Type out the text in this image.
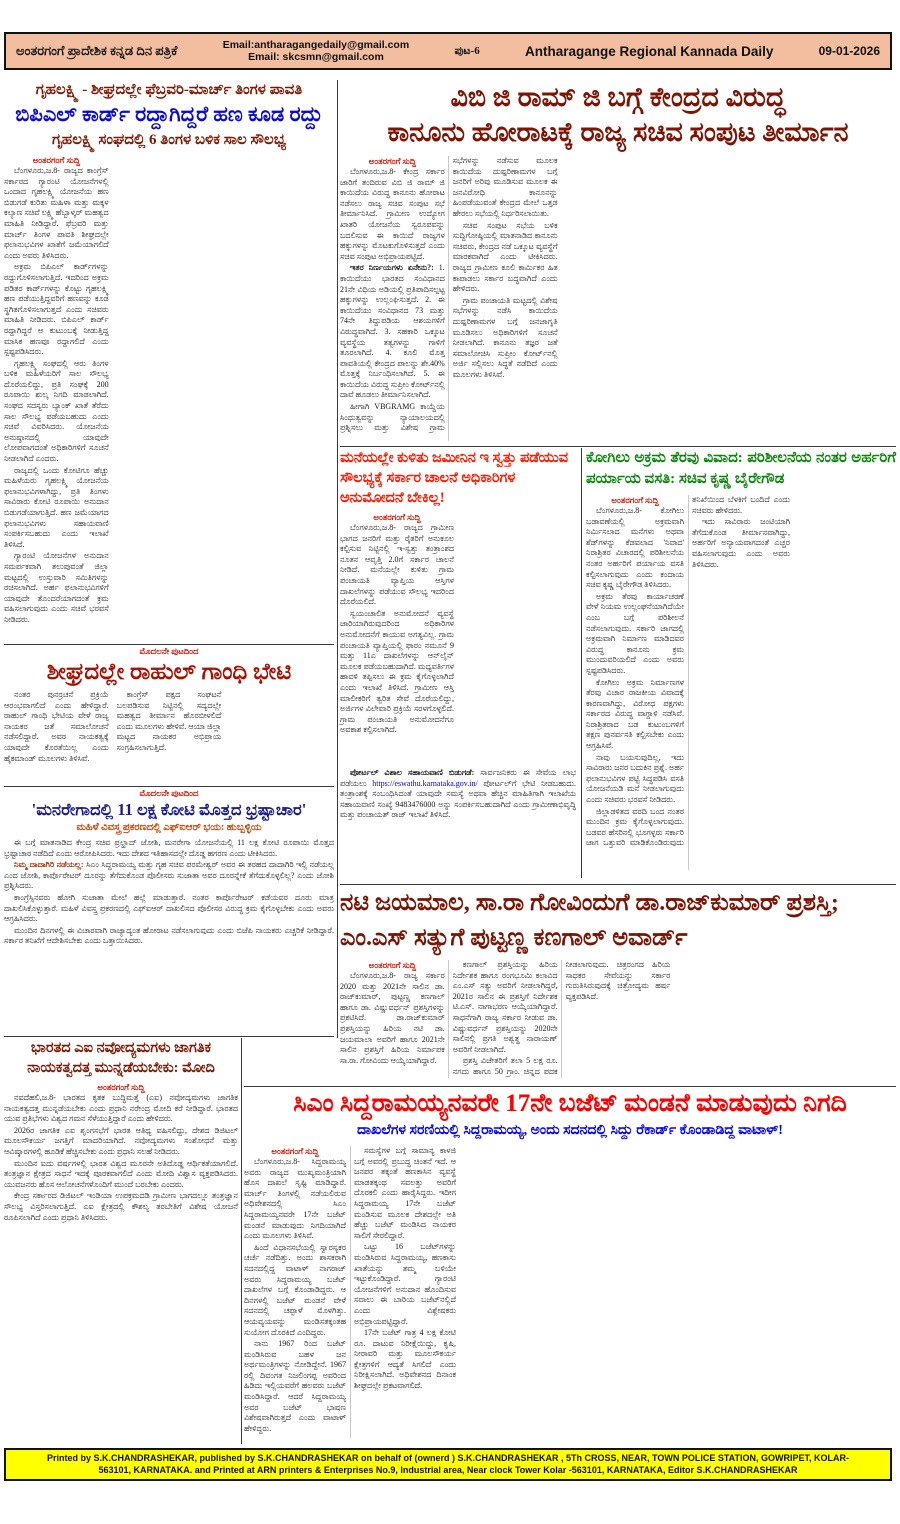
ಅಂತರಗಂಗೆ ಪ್ರಾದೇಶಿಕ ಕನ್ನಡ ದಿನ ಪತ್ರಿಕೆ	Email:antharagangedaily@gmail.com
Email: skcsmn@gmail.com
ಪುಟ-6	Antharagange Regional Kannada Daily	09-01-2026
ಗೃಹಲಕ್ಷ್ಮಿ - ಶೀಘ್ರದಲ್ಲೇ ಫೆಬ್ರವರಿ-ಮಾರ್ಚ್ ತಿಂಗಳ ಪಾವತಿ
ಬಿಪಿಎಲ್ ಕಾರ್ಡ್ ರದ್ದಾಗಿದ್ದರೆ ಹಣ ಕೂಡ ರದ್ದು
ಗೃಹಲಕ್ಷ್ಮಿ ಸಂಘದಲ್ಲಿ 6 ತಿಂಗಳ ಬಳಿಕ ಸಾಲ ಸೌಲಭ್ಯ
ಅಂತರಗಂಗೆ ಸುದ್ದಿ

ಬೆಂಗಳೂರು,ಜ.8- ರಾಜ್ಯದ ಕಾಂಗ್ರೆಸ್ ಸರ್ಕಾರದ ಗ್ಯಾರಂಟಿ ಯೋಜನೆಗಳಲ್ಲಿ ಒಂದಾದ ಗೃಹಲಕ್ಷ್ಮಿ ಯೋಜನೆಯ ಹಣ ಬಿಡುಗಡೆ ಕುರಿತು ಮಹಿಳಾ ಮತ್ತು ಮಕ್ಕಳ ಕಲ್ಯಾಣ ಸಚಿವೆ ಲಕ್ಷ್ಮಿ ಹೆಬ್ಬಾಳ್ಕರ್ ಮಹತ್ವದ ಮಾಹಿತಿ ನೀಡಿದ್ದಾರೆ. ಫೆಬ್ರವರಿ ಮತ್ತು ಮಾರ್ಚ್ ತಿಂಗಳ ಪಾವತಿ ಶೀಘ್ರದಲ್ಲೇ ಫಲಾನುಭವಿಗಳ ಖಾತೆಗೆ ಜಮೆಯಾಗಲಿದೆ ಎಂದು ಅವರು ತಿಳಿಸಿದರು.

ಅಕ್ರಮ ಬಿಪಿಎಲ್ ಕಾರ್ಡ್‌ಗಳನ್ನು ರದ್ದುಗೊಳಿಸಲಾಗುತ್ತಿದೆ. ಇದರಿಂದ ಅಕ್ರಮ ಪಡಿತರ ಕಾರ್ಡ್‌ಗಳನ್ನು ಕೊಟ್ಟು ಗೃಹಲಕ್ಷ್ಮಿ ಹಣ ಪಡೆಯುತ್ತಿದ್ದವರಿಗೆ ಹಣವನ್ನು ಕೂಡ ಸ್ಥಗಿತಗೊಳಿಸಲಾಗುತ್ತದೆ ಎಂದು ಸಚಿವರು ಮಾಹಿತಿ ನೀಡಿದರು. ಬಿಪಿಎಲ್ ಕಾರ್ಡ್ ರದ್ದಾಗಿದ್ದರೆ ಆ ಕುಟುಂಬಕ್ಕೆ ನೀಡುತ್ತಿದ್ದ ಮಾಸಿಕ ಹಣವೂ ರದ್ದಾಗಲಿದೆ ಎಂದು ಸ್ಪಷ್ಟಪಡಿಸಿದರು.

ಗೃಹಲಕ್ಷ್ಮಿ ಸಂಘದಲ್ಲಿ ಆರು ತಿಂಗಳ ಬಳಿಕ ಮಹಿಳೆಯರಿಗೆ ಸಾಲ ಸೌಲಭ್ಯ ದೊರೆಯಲಿದ್ದು, ಪ್ರತಿ ಸಂಘಕ್ಕೆ 200 ರೂಪಾಯಿ ಶುಲ್ಕ ನಿಗದಿ ಮಾಡಲಾಗಿದೆ. ಸಂಘದ ಸದಸ್ಯರು ಬ್ಯಾಂಕ್ ಖಾತೆ ತೆರೆದು ಸಾಲ ಸೌಲಭ್ಯ ಪಡೆಯಬಹುದು ಎಂದು ಸಚಿವೆ ವಿವರಿಸಿದರು. ಯೋಜನೆಯ ಅನುಷ್ಠಾನದಲ್ಲಿ ಯಾವುದೇ ಲೋಪವಾಗದಂತೆ ಅಧಿಕಾರಿಗಳಿಗೆ ಸೂಚನೆ ನೀಡಲಾಗಿದೆ ಎಂದರು.

ರಾಜ್ಯದಲ್ಲಿ ಒಂದು ಕೋಟಿಗೂ ಹೆಚ್ಚು ಮಹಿಳೆಯರು ಗೃಹಲಕ್ಷ್ಮಿ ಯೋಜನೆಯ ಫಲಾನುಭವಿಗಳಾಗಿದ್ದು, ಪ್ರತಿ ತಿಂಗಳು ಸಾವಿರಾರು ಕೋಟಿ ರೂಪಾಯಿ ಅನುದಾನ ಬಿಡುಗಡೆಯಾಗುತ್ತಿದೆ. ಹಣ ಜಮೆಯಾಗದ ಫಲಾನುಭವಿಗಳು ಸಹಾಯವಾಣಿ ಸಂಪರ್ಕಿಸಬಹುದು ಎಂದು ಇಲಾಖೆ ತಿಳಿಸಿದೆ.

ಗ್ಯಾರಂಟಿ ಯೋಜನೆಗಳ ಅನುದಾನ ಸಮರ್ಪಕವಾಗಿ ತಲುಪುವಂತೆ ಜಿಲ್ಲಾ ಮಟ್ಟದಲ್ಲಿ ಉಸ್ತುವಾರಿ ಸಮಿತಿಗಳನ್ನು ರಚಿಸಲಾಗಿದೆ. ಅರ್ಹ ಫಲಾನುಭವಿಗಳಿಗೆ ಯಾವುದೇ ತೊಂದರೆಯಾಗದಂತೆ ಕ್ರಮ ವಹಿಸಲಾಗುವುದು ಎಂದು ಸಚಿವೆ ಭರವಸೆ ನೀಡಿದರು.

ವಿಬಿ ಜಿ ರಾಮ್ ಜಿ ಬಗ್ಗೆ ಕೇಂದ್ರದ ವಿರುದ್ಧ
ಕಾನೂನು ಹೋರಾಟಕ್ಕೆ ರಾಜ್ಯ ಸಚಿವ ಸಂಪುಟ ತೀರ್ಮಾನ
ಅಂತರಗಂಗೆ ಸುದ್ದಿ

ಬೆಂಗಳೂರು,ಜ.8- ಕೇಂದ್ರ ಸರ್ಕಾರ ಜಾರಿಗೆ ತಂದಿರುವ ವಿಬಿ ಜಿ ರಾಮ್ ಜಿ ಕಾಯಿದೆಯ ವಿರುದ್ಧ ಕಾನೂನು ಹೋರಾಟ ನಡೆಸಲು ರಾಜ್ಯ ಸಚಿವ ಸಂಪುಟ ಸಭೆ ತೀರ್ಮಾನಿಸಿದೆ. ಗ್ರಾಮೀಣ ಉದ್ಯೋಗ ಖಾತರಿ ಯೋಜನೆಯ ಸ್ವರೂಪವನ್ನು ಬದಲಿಸುವ ಈ ಕಾಯಿದೆ ರಾಜ್ಯಗಳ ಹಕ್ಕುಗಳನ್ನು ಮೊಟಕುಗೊಳಿಸುತ್ತದೆ ಎಂದು ಸಚಿವ ಸಂಪುಟ ಅಭಿಪ್ರಾಯಪಟ್ಟಿದೆ.

ಇತರ ನಿರ್ಣಯಗಳು ಏನೇನು?: 1. ಕಾಯಿದೆಯು ಭಾರತದ ಸಂವಿಧಾನದ 21ನೇ ವಿಧಿಯ ಅಡಿಯಲ್ಲಿ ಪ್ರತಿಪಾದಿಸಲ್ಪಟ್ಟ ಹಕ್ಕುಗಳನ್ನು ಉಲ್ಲಂಘಿಸುತ್ತದೆ. 2. ಈ ಕಾಯಿದೆಯು ಸಂವಿಧಾನದ 73 ಮತ್ತು 74ನೇ ತಿದ್ದುಪಡಿಯ ಆಶಯಗಳಿಗೆ ವಿರುದ್ಧವಾಗಿದೆ. 3. ಸಹಕಾರಿ ಒಕ್ಕೂಟ ವ್ಯವಸ್ಥೆಯ ತತ್ವಗಳನ್ನು ಗಾಳಿಗೆ ತೂರಲಾಗಿದೆ. 4. ಕೂಲಿ ಮೊತ್ತ ಪಾವತಿಯಲ್ಲಿ ಕೇಂದ್ರದ ಪಾಲನ್ನು ಶೇ.40% ಮೊತ್ತಕ್ಕೆ ನಿರ್ಬಂಧಿಸಲಾಗಿದೆ. 5. ಈ ಕಾಯಿದೆಯ ವಿರುದ್ಧ ಸುಪ್ರೀಂ ಕೋರ್ಟ್‌ನಲ್ಲಿ ದಾವೆ ಹೂಡಲು ತೀರ್ಮಾನಿಸಲಾಗಿದೆ.

ಹೀಗಾಗಿ VBGRAMG ಕಾಯ್ದೆಯ ಸಿಂಧುತ್ವವನ್ನು ನ್ಯಾಯಾಲಯದಲ್ಲಿ ಪ್ರಶ್ನಿಸಲು ಮತ್ತು ವಿಶೇಷ ಗ್ರಾಮ ಸಭೆಗಳನ್ನು ನಡೆಸುವ ಮೂಲಕ ಕಾಯಿದೆಯ ದುಷ್ಪರಿಣಾಮಗಳ ಬಗ್ಗೆ ಜನರಿಗೆ ಅರಿವು ಮೂಡಿಸುವ ಮೂಲಕ ಈ ಜನವಿರೋಧಿ ಕಾನೂನನ್ನು ಹಿಂಪಡೆಯುವಂತೆ ಕೇಂದ್ರದ ಮೇಲೆ ಒತ್ತಡ ಹೇರಲು ಸಭೆಯಲ್ಲಿ ನಿರ್ಧರಿಸಲಾಯಿತು.

ಸಚಿವ ಸಂಪುಟ ಸಭೆಯ ಬಳಿಕ ಸುದ್ದಿಗೋಷ್ಠಿಯಲ್ಲಿ ಮಾತನಾಡಿದ ಕಾನೂನು ಸಚಿವರು, ಕೇಂದ್ರದ ನಡೆ ಒಕ್ಕೂಟ ವ್ಯವಸ್ಥೆಗೆ ಮಾರಕವಾಗಿದೆ ಎಂದು ಟೀಕಿಸಿದರು. ರಾಜ್ಯದ ಗ್ರಾಮೀಣ ಕೂಲಿ ಕಾರ್ಮಿಕರ ಹಿತ ಕಾಪಾಡಲು ಸರ್ಕಾರ ಬದ್ಧವಾಗಿದೆ ಎಂದು ಹೇಳಿದರು.

ಗ್ರಾಮ ಪಂಚಾಯತಿ ಮಟ್ಟದಲ್ಲಿ ವಿಶೇಷ ಸಭೆಗಳನ್ನು ನಡೆಸಿ ಕಾಯಿದೆಯ ದುಷ್ಪರಿಣಾಮಗಳ ಬಗ್ಗೆ ಜನಜಾಗೃತಿ ಮೂಡಿಸಲು ಅಧಿಕಾರಿಗಳಿಗೆ ಸೂಚನೆ ನೀಡಲಾಗಿದೆ. ಕಾನೂನು ತಜ್ಞರ ಜತೆ ಸಮಾಲೋಚಿಸಿ ಸುಪ್ರೀಂ ಕೋರ್ಟ್‌ನಲ್ಲಿ ಅರ್ಜಿ ಸಲ್ಲಿಸಲು ಸಿದ್ಧತೆ ನಡೆದಿದೆ ಎಂದು ಮೂಲಗಳು ತಿಳಿಸಿವೆ.

ಮನೆಯಲ್ಲೇ ಕುಳಿತು ಜಮೀನಿನ ಇ ಸ್ವತ್ತು ಪಡೆಯುವ ಸೌಲಭ್ಯಕ್ಕೆ ಸರ್ಕಾರ ಚಾಲನೆ ಅಧಿಕಾರಿಗಳ ಅನುಮೋದನೆ ಬೇಕಿಲ್ಲ!
ಅಂತರಗಂಗೆ ಸುದ್ದಿ

ಬೆಂಗಳೂರು,ಜ.8- ರಾಜ್ಯದ ಗ್ರಾಮೀಣ ಭಾಗದ ಜನರಿಗೆ ಮತ್ತು ರೈತರಿಗೆ ಅನುಕೂಲ ಕಲ್ಪಿಸುವ ನಿಟ್ಟಿನಲ್ಲಿ ಇ-ಸ್ವತ್ತು ತಂತ್ರಾಂಶದ ನೂತನ ಆವೃತ್ತಿ 2.0ಗೆ ಸರ್ಕಾರ ಚಾಲನೆ ನೀಡಿದೆ. ಮನೆಯಲ್ಲೇ ಕುಳಿತು ಗ್ರಾಮ ಪಂಚಾಯತಿ ವ್ಯಾಪ್ತಿಯ ಆಸ್ತಿಗಳ ದಾಖಲೆಗಳನ್ನು ಪಡೆಯುವ ಸೌಲಭ್ಯ ಇದರಿಂದ ದೊರೆಯಲಿದೆ.

ಸ್ವಯಂಚಾಲಿತ ಅನುಮೋದನೆ ವ್ಯವಸ್ಥೆ ಜಾರಿಯಾಗಿರುವುದರಿಂದ ಅಧಿಕಾರಿಗಳ ಅನುಮೋದನೆಗೆ ಕಾಯುವ ಅಗತ್ಯವಿಲ್ಲ. ಗ್ರಾಮ ಪಂಚಾಯತಿ ವ್ಯಾಪ್ತಿಯಲ್ಲಿ ಫಾರಂ ನಮೂನೆ 9 ಮತ್ತು 11ಎ ದಾಖಲೆಗಳನ್ನು ಆನ್‌ಲೈನ್ ಮೂಲಕ ಪಡೆಯಬಹುದಾಗಿದೆ. ಮಧ್ಯವರ್ತಿಗಳ ಹಾವಳಿ ತಪ್ಪಿಸಲು ಈ ಕ್ರಮ ಕೈಗೊಳ್ಳಲಾಗಿದೆ ಎಂದು ಇಲಾಖೆ ತಿಳಿಸಿದೆ. ಗ್ರಾಮೀಣ ಆಸ್ತಿ ಮಾಲೀಕರಿಗೆ ತ್ವರಿತ ಸೇವೆ ದೊರೆಯಲಿದ್ದು, ಅರ್ಜಿಗಳ ವಿಲೇವಾರಿ ಪ್ರಕ್ರಿಯೆ ಸರಳಗೊಳ್ಳಲಿದೆ. ಗ್ರಾಮ ಪಂಚಾಯತಿ ಅನುಮೋದನೆಗೂ ಅವಕಾಶ ಕಲ್ಪಿಸಲಾಗಿದೆ.

ಪೋರ್ಟಲ್ ವಿಶಾಲ ಸಹಾಯವಾಣಿ ಬಿಡುಗಡೆ: ಸಾರ್ವಜನಿಕರು ಈ ಸೇವೆಯ ಲಾಭ ಪಡೆಯಲು https://eswathu.karnataka.gov.in/ ಪೋರ್ಟಲ್‌ಗೆ ಭೇಟಿ ನೀಡಬಹುದು. ತಂತ್ರಾಂಶಕ್ಕೆ ಸಂಬಂಧಿಸಿದಂತೆ ಯಾವುದೇ ಸಮಸ್ಯೆ ಅಥವಾ ಹೆಚ್ಚಿನ ಮಾಹಿತಿಗಾಗಿ ಇಲಾಖೆಯ ಸಹಾಯವಾಣಿ ಸಂಖ್ಯೆ 9483476000 ಅನ್ನು ಸಂಪರ್ಕಿಸಬಹುದಾಗಿದೆ ಎಂದು ಗ್ರಾಮೀಣಾಭಿವೃದ್ಧಿ ಮತ್ತು ಪಂಚಾಯತ್ ರಾಜ್ ಇಲಾಖೆ ತಿಳಿಸಿದೆ.

ಕೋಗಿಲು ಅಕ್ರಮ ತೆರವು ವಿವಾದ: ಪರಿಶೀಲನೆಯ ನಂತರ ಅರ್ಹರಿಗೆ ಪರ್ಯಾಯ ವಸತಿ: ಸಚಿವ ಕೃಷ್ಣ ಬೈರೇಗೌಡ
ಅಂತರಗಂಗೆ ಸುದ್ದಿ

ಬೆಂಗಳೂರು,ಜ.8- ಕೋಗಿಲು ಬಡಾವಣೆಯಲ್ಲಿ ಅಕ್ರಮವಾಗಿ ನಿರ್ಮಿಸಲಾದ ಮನೆಗಳು ಅಥವಾ ಶೆಡ್‌ಗಳನ್ನು ಕೆಡವಲಾದ 'ನಿವಾದ' ನಿರಾಶ್ರಿತರ ವಿಚಾರದಲ್ಲಿ ಪರಿಶೀಲನೆಯ ನಂತರ ಅರ್ಹರಿಗೆ ಪರ್ಯಾಯ ವಸತಿ ಕಲ್ಪಿಸಲಾಗುವುದು ಎಂದು ಕಂದಾಯ ಸಚಿವ ಕೃಷ್ಣ ಬೈರೇಗೌಡ ತಿಳಿಸಿದರು.

ಅಕ್ರಮ ತೆರವು ಕಾರ್ಯಾಚರಣೆ ವೇಳೆ ನಿಯಮ ಉಲ್ಲಂಘನೆಯಾಗಿದೆಯೇ ಎಂಬ ಬಗ್ಗೆ ಪರಿಶೀಲನೆ ನಡೆಸಲಾಗುವುದು. ಸರ್ಕಾರಿ ಜಾಗದಲ್ಲಿ ಅಕ್ರಮವಾಗಿ ನಿರ್ಮಾಣ ಮಾಡಿದವರ ವಿರುದ್ಧ ಕಾನೂನು ಕ್ರಮ ಮುಂದುವರಿಯಲಿದೆ ಎಂದು ಅವರು ಸ್ಪಷ್ಟಪಡಿಸಿದರು.

ಕೋಗಿಲು ಅಕ್ರಮ ನಿರ್ಮಾಣಗಳ ತೆರವು ವಿಚಾರ ರಾಜಕೀಯ ವಿವಾದಕ್ಕೆ ಕಾರಣವಾಗಿದ್ದು, ವಿರೋಧ ಪಕ್ಷಗಳು ಸರ್ಕಾರದ ವಿರುದ್ಧ ವಾಗ್ದಾಳಿ ನಡೆಸಿವೆ. ನಿರಾಶ್ರಿತರಾದ ಬಡ ಕುಟುಂಬಗಳಿಗೆ ತಕ್ಷಣ ಪುನರ್ವಸತಿ ಕಲ್ಪಿಸಬೇಕು ಎಂದು ಆಗ್ರಹಿಸಿವೆ.

ನಾವು ಬಯಸುವುದಿಲ್ಲ, ಇದು ಸಾವಿರಾರು ಜನರ ಬದುಕಿನ ಪ್ರಶ್ನೆ. ಅರ್ಹ ಫಲಾನುಭವಿಗಳ ಪಟ್ಟಿ ಸಿದ್ಧಪಡಿಸಿ ವಸತಿ ಯೋಜನೆಯಡಿ ಮನೆ ನೀಡಲಾಗುವುದು ಎಂದು ಸಚಿವರು ಭರವಸೆ ನೀಡಿದರು.

ಜಿಲ್ಲಾಡಳಿತದ ವರದಿ ಬಂದ ನಂತರ ಮುಂದಿನ ಕ್ರಮ ಕೈಗೊಳ್ಳಲಾಗುವುದು. ಬಡವರ ಹೆಸರಿನಲ್ಲಿ ಭೂಗಳ್ಳರು ಸರ್ಕಾರಿ ಜಾಗ ಒತ್ತುವರಿ ಮಾಡಿಕೊಂಡಿರುವುದು ತನಿಖೆಯಿಂದ ಬೆಳಕಿಗೆ ಬಂದಿದೆ ಎಂದು ಸಚಿವರು ಹೇಳಿದರು.

ಇದು ಸಾವಿರಾರು ಜಂಟಿಯಾಗಿ ತೆಗೆದುಕೊಂಡ ತೀರ್ಮಾನವಾಗಿದ್ದು, ಅರ್ಹರಿಗೆ ಅನ್ಯಾಯವಾಗದಂತೆ ಎಚ್ಚರ ವಹಿಸಲಾಗುವುದು ಎಂದು ಅವರು ತಿಳಿಸಿದರು.

ಮೊದಲನೇ ಪುಟದಿಂದ
ಶೀಘ್ರದಲ್ಲೇ ರಾಹುಲ್ ಗಾಂಧಿ ಭೇಟಿ

ನಂತರ ಪುನರ್ರಚನೆ ಪ್ರಕ್ರಿಯೆ ಆರಂಭವಾಗಲಿದೆ ಎಂದು ಹೇಳಿದ್ದಾರೆ. ರಾಹುಲ್ ಗಾಂಧಿ ಭೇಟಿಯ ವೇಳೆ ರಾಜ್ಯ ನಾಯಕರ ಜತೆ ಸಮಾಲೋಚನೆ ನಡೆಸಲಿದ್ದಾರೆ. ಅವರ ನಾಯಕತ್ವಕ್ಕೆ ಯಾವುದೇ ಕೊರತೆಯಿಲ್ಲ ಎಂದು ಹೈಕಮಾಂಡ್ ಮೂಲಗಳು ತಿಳಿಸಿವೆ.

ಕಾಂಗ್ರೆಸ್ ಪಕ್ಷದ ಸಂಘಟನೆ ಬಲಪಡಿಸುವ ನಿಟ್ಟಿನಲ್ಲಿ ಸದ್ಯದಲ್ಲೇ ಮಹತ್ವದ ತೀರ್ಮಾನ ಹೊರಬೀಳಲಿದೆ ಎಂದು ಮೂಲಗಳು ಹೇಳಿವೆ. ಆಯಾ ಜಿಲ್ಲಾ ಮಟ್ಟದ ನಾಯಕರ ಅಭಿಪ್ರಾಯ ಸಂಗ್ರಹಿಸಲಾಗುತ್ತಿದೆ.

ಮೊದಲನೇ ಪುಟದಿಂದ
'ಮನರೇಗಾದಲ್ಲಿ 11 ಲಕ್ಷ ಕೋಟಿ ಮೊತ್ತದ ಭ್ರಷ್ಟಾಚಾರ'
ಮಹಿಳೆ ವಿವಸ್ತ್ರ ಪ್ರಕರಣದಲ್ಲಿ ಎಫ್ಐಆರ್ ಭಯ: ಹುಬ್ಬಳ್ಳಿಯ

ಈ ಬಗ್ಗೆ ಮಾತನಾಡಿದ ಕೇಂದ್ರ ಸಚಿವ ಪ್ರಲ್ಹಾದ್ ಜೋಶಿ, ಮನರೇಗಾ ಯೋಜನೆಯಲ್ಲಿ 11 ಲಕ್ಷ ಕೋಟಿ ರೂಪಾಯಿ ಮೊತ್ತದ ಭ್ರಷ್ಟಾಚಾರ ನಡೆದಿದೆ ಎಂದು ಆರೋಪಿಸಿದರು. ಇದು ದೇಶದ ಇತಿಹಾಸದಲ್ಲೇ ದೊಡ್ಡ ಹಗರಣ ಎಂದು ಟೀಕಿಸಿದರು.

ನಿಮ್ಮ ದಾದಾಗಿರಿ ನಡೆಯಲ್ಲ: ಸಿಎಂ ಸಿದ್ದರಾಮಯ್ಯ ಮತ್ತು ಗೃಹ ಸಚಿವ ಪರಮೇಶ್ವರ್ ಅವರ ಈ ತರಹದ ದಾದಾಗಿರಿ ಇಲ್ಲಿ ನಡೆಯಲ್ಲ ಎಂದ ಜೋಶಿ, ಕಾರ್ಪೊರೇಟರ್ ದೂರನ್ನು ತೆಗೆದುಕೊಂಡ ಪೊಲೀಸರು ಸುಜಾತಾ ಅವರ ದೂರನ್ನೇಕೆ ತೆಗೆದುಕೊಳ್ಳಲಿಲ್ಲ? ಎಂದು ಜೋಶಿ ಪ್ರಶ್ನಿಸಿದರು.

ಕಾಂಗ್ರೆಸ್ಸಿನವರು ಹೋಗಿ ಸುಜಾತಾ ಮೇಲೆ ಹಲ್ಲೆ ಮಾಡುತ್ತಾರೆ. ನಂತರ ಕಾರ್ಪೊರೇಟರ್ ಕಡೆಯವರ ದೂರು ಮಾತ್ರ ದಾಖಲಿಸಿಕೊಳ್ಳುತ್ತಾರೆ. ಮಹಿಳೆ ವಿವಸ್ತ್ರ ಪ್ರಕರಣದಲ್ಲಿ ಎಫ್ಐಆರ್ ದಾಖಲಿಸದ ಪೊಲೀಸರ ವಿರುದ್ಧ ಕ್ರಮ ಕೈಗೊಳ್ಳಬೇಕು ಎಂದು ಅವರು ಆಗ್ರಹಿಸಿದರು.

ಮುಂದಿನ ದಿನಗಳಲ್ಲಿ ಈ ವಿಚಾರವಾಗಿ ರಾಜ್ಯಾದ್ಯಂತ ಹೋರಾಟ ನಡೆಸಲಾಗುವುದು ಎಂದು ಬಿಜೆಪಿ ನಾಯಕರು ಎಚ್ಚರಿಕೆ ನೀಡಿದ್ದಾರೆ. ಸರ್ಕಾರ ತನಿಖೆಗೆ ಆದೇಶಿಸಬೇಕು ಎಂದು ಒತ್ತಾಯಿಸಿದರು.

ಭಾರತದ ಎಐ ನವೋದ್ಯಮಗಳು ಜಾಗತಿಕ ನಾಯಕತ್ವದತ್ತ ಮುನ್ನಡೆಯಬೇಕು: ಮೋದಿ
ಅಂತರಗಂಗೆ ಸುದ್ದಿ

ನವದೆಹಲಿ,ಜ.8- ಭಾರತದ ಕೃತಕ ಬುದ್ಧಿಮತ್ತೆ (ಎಐ) ನವೋದ್ಯಮಗಳು ಜಾಗತಿಕ ನಾಯಕತ್ವದತ್ತ ಮುನ್ನಡೆಯಬೇಕು ಎಂದು ಪ್ರಧಾನಿ ನರೇಂದ್ರ ಮೋದಿ ಕರೆ ನೀಡಿದ್ದಾರೆ. ಭಾರತದ ಯುವ ಪ್ರತಿಭೆಗಳು ವಿಶ್ವದ ಗಮನ ಸೆಳೆಯುತ್ತಿದ್ದಾರೆ ಎಂದು ಹೇಳಿದರು.

2026ರ ಜಾಗತಿಕ ಎಐ ಶೃಂಗಸಭೆಗೆ ಭಾರತ ಆತಿಥ್ಯ ವಹಿಸಲಿದ್ದು, ದೇಶದ ಡಿಜಿಟಲ್ ಮೂಲಸೌಕರ್ಯ ಜಗತ್ತಿಗೆ ಮಾದರಿಯಾಗಿದೆ. ನವೋದ್ಯಮಗಳು ಸಂಶೋಧನೆ ಮತ್ತು ಆವಿಷ್ಕಾರಗಳಲ್ಲಿ ಹೂಡಿಕೆ ಹೆಚ್ಚಿಸಬೇಕು ಎಂದು ಪ್ರಧಾನಿ ಸಲಹೆ ನೀಡಿದರು.

ಮುಂದಿನ ಐದು ವರ್ಷಗಳಲ್ಲಿ ಭಾರತ ವಿಶ್ವದ ಮೂರನೇ ಅತಿದೊಡ್ಡ ಆರ್ಥಿಕತೆಯಾಗಲಿದೆ. ತಂತ್ರಜ್ಞಾನ ಕ್ಷೇತ್ರದ ಸಾಧನೆ ಇದಕ್ಕೆ ಪೂರಕವಾಗಲಿದೆ ಎಂದು ಮೋದಿ ವಿಶ್ವಾಸ ವ್ಯಕ್ತಪಡಿಸಿದರು. ಯುವಜನರು ಹೊಸ ಆಲೋಚನೆಗಳೊಂದಿಗೆ ಮುಂದೆ ಬರಬೇಕು ಎಂದರು.

ಕೇಂದ್ರ ಸರ್ಕಾರದ ಡಿಜಿಟಲ್ ಇಂಡಿಯಾ ಉಪಕ್ರಮದಡಿ ಗ್ರಾಮೀಣ ಭಾಗದಲ್ಲೂ ತಂತ್ರಜ್ಞಾನ ಸೌಲಭ್ಯ ವಿಸ್ತರಿಸಲಾಗುತ್ತಿದೆ. ಎಐ ಕ್ಷೇತ್ರದಲ್ಲಿ ಕೌಶಲ್ಯ ತರಬೇತಿಗೆ ವಿಶೇಷ ಯೋಜನೆ ರೂಪಿಸಲಾಗಿದೆ ಎಂದು ಪ್ರಧಾನಿ ತಿಳಿಸಿದರು.

ನಟಿ ಜಯಮಾಲ, ಸಾ.ರಾ ಗೋವಿಂದುಗೆ ಡಾ.ರಾಜ್‌ಕುಮಾರ್ ಪ್ರಶಸ್ತಿ; ಎಂ.ಎಸ್ ಸತ್ಯುಗೆ ಪುಟ್ಟಣ್ಣ ಕಣಗಾಲ್ ಅವಾರ್ಡ್
ಅಂತರಗಂಗೆ ಸುದ್ದಿ

ಬೆಂಗಳೂರು,ಜ.8- ರಾಜ್ಯ ಸರ್ಕಾರ 2020 ಮತ್ತು 2021ನೇ ಸಾಲಿನ ಡಾ. ರಾಜ್‌ಕುಮಾರ್, ಪುಟ್ಟಣ್ಣ ಕಣಗಾಲ್ ಹಾಗೂ ಡಾ. ವಿಷ್ಣುವರ್ಧನ್ ಪ್ರಶಸ್ತಿಗಳನ್ನು ಪ್ರಕಟಿಸಿದೆ. ಡಾ.ರಾಜ್‌ಕುಮಾರ್ ಪ್ರಶಸ್ತಿಯನ್ನು ಹಿರಿಯ ನಟಿ ಡಾ. ಜಯಮಾಲಾ ಅವರಿಗೆ ಹಾಗೂ 2021ನೇ ಸಾಲಿನ ಪ್ರಶಸ್ತಿಗೆ ಹಿರಿಯ ನಿರ್ಮಾಪಕ ಸಾ.ರಾ. ಗೋವಿಂದು ಆಯ್ಕೆಯಾಗಿದ್ದಾರೆ.

ಕಣಗಾಲ್ ಪ್ರಶಸ್ತಿಯನ್ನು ಹಿರಿಯ ನಿರ್ದೇಶಕ ಹಾಗೂ ರಂಗಭೂಮಿ ಕಲಾವಿದ ಎಂ.ಎಸ್ ಸತ್ಯು ಅವರಿಗೆ ನೀಡಲಾಗಿದ್ದರೆ, 2021ರ ಸಾಲಿನ ಈ ಪ್ರಶಸ್ತಿಗೆ ನಿರ್ದೇಶಕ ಟಿ.ಎಸ್. ನಾಗಾಭರಣ ಆಯ್ಕೆಯಾಗಿದ್ದಾರೆ. ಸಾಧನೆಗಾಗಿ ರಾಜ್ಯ ಸರ್ಕಾರ ನೀಡುವ ಡಾ. ವಿಷ್ಣುವರ್ಧನ್ ಪ್ರಶಸ್ತಿಯನ್ನು 2020ನೇ ಸಾಲಿನಲ್ಲಿ ಪ್ರಗತಿ ಅಶ್ವತ್ಥ ನಾರಾಯಣ್ ಅವರಿಗೆ ನೀಡಲಾಗಿದೆ.

ಪ್ರಶಸ್ತಿ ವಿಜೇತರಿಗೆ ತಲಾ 5 ಲಕ್ಷ ರೂ. ನಗದು ಹಾಗೂ 50 ಗ್ರಾಂ. ಚಿನ್ನದ ಪದಕ ನೀಡಲಾಗುವುದು. ಚಿತ್ರರಂಗದ ಹಿರಿಯ ಸಾಧಕರ ಸೇವೆಯನ್ನು ಸರ್ಕಾರ ಗುರುತಿಸಿರುವುದಕ್ಕೆ ಚಿತ್ರೋದ್ಯಮ ಹರ್ಷ ವ್ಯಕ್ತಪಡಿಸಿದೆ.

ಸಿಎಂ ಸಿದ್ದರಾಮಯ್ಯನವರೇ 17ನೇ ಬಜೆಟ್ ಮಂಡನೆ ಮಾಡುವುದು ನಿಗದಿ
ದಾಖಲೆಗಳ ಸರಣಿಯಲ್ಲಿ ಸಿದ್ದರಾಮಯ್ಯ, ಅಂದು ಸದನದಲ್ಲಿ ಸಿದ್ದು ರೆಕಾರ್ಡ್ ಕೊಂಡಾಡಿದ್ದ ವಾಟಾಳ್!
ಅಂತರಗಂಗೆ ಸುದ್ದಿ

ಬೆಂಗಳೂರು,ಜ.8- ಸಿದ್ದರಾಮಯ್ಯ ಅವರು ರಾಜ್ಯದ ಮುಖ್ಯಮಂತ್ರಿಯಾಗಿ ಹೊಸ ದಾಖಲೆ ಸೃಷ್ಟಿ ಮಾಡಿದ್ದಾರೆ. ಮಾರ್ಚ್ ತಿಂಗಳಲ್ಲಿ ನಡೆಯಲಿರುವ ಅಧಿವೇಶನದಲ್ಲಿ ಸಿಎಂ ಸಿದ್ದರಾಮಯ್ಯನವರೇ 17ನೇ ಬಜೆಟ್ ಮಂಡನೆ ಮಾಡುವುದು ನಿಗದಿಯಾಗಿದೆ ಎಂದು ಮೂಲಗಳು ತಿಳಿಸಿವೆ.

ಹಿಂದೆ ವಿಧಾನಸಭೆಯಲ್ಲಿ ಸ್ವಾರಸ್ಯಕರ ಚರ್ಚೆ ನಡೆದಿತ್ತು. ಅಂದು ಶಾಸಕರಾಗಿ ಸದನದಲ್ಲಿದ್ದ ವಾಟಾಳ್ ನಾಗರಾಜ್ ಅವರು ಸಿದ್ದರಾಮಯ್ಯ ಬಜೆಟ್ ದಾಖಲೆಗಳ ಬಗ್ಗೆ ಕೊಂಡಾಡಿದ್ದರು. ಆ ದಿನಗಳಲ್ಲಿ ಬಜೆಟ್ ಮಂಡನೆ ವೇಳೆ ಸದನದಲ್ಲಿ ಚಪ್ಪಾಳೆ ಮೊಳಗಿತ್ತು. ಆಯವ್ಯಯವನ್ನು ಮಂಡಿಸತಕ್ಕಂತಹ ಸುಯೋಗ ದೊರಕಿದೆ ಎಂದಿದ್ದರು.

ನಾನು 1967 ರಿಂದ ಬಜೆಟ್ ಮಂಡಿಸಿರುವ ಬಹಳ ಜನ ಅರ್ಥಮಂತ್ರಿಗಳನ್ನು ನೋಡಿದ್ದೇನೆ. 1967 ರಲ್ಲಿ ದಿವಂಗತ ನಿಜಲಿಂಗಪ್ಪ ಅವರಿಂದ ಹಿಡಿದು ಇಲ್ಲಿಯವರೆಗೆ ಹಲವರು ಬಜೆಟ್ ಮಂಡಿಸಿದ್ದಾರೆ. ಆದರೆ ಸಿದ್ದರಾಮಯ್ಯ ಅವರ ಬಜೆಟ್ ಭಾಷಣ ವಿಶೇಷವಾಗಿರುತ್ತದೆ ಎಂದು ವಾಟಾಳ್ ಹೇಳಿದ್ದರು.

ಸಮಸ್ಯೆಗಳ ಬಗ್ಗೆ ಸಾಮಾನ್ಯ ಕಾಳಜಿ ಬಗ್ಗೆ ಅವರಲ್ಲಿ ಪ್ರಬುದ್ಧ ಚಿಂತನೆ ಇದೆ. ಆ ಜನಪರ ತಕ್ಕಂತೆ ಹಣಕಾಸಿನ ವ್ಯವಸ್ಥೆ ಮಾಡತಕ್ಕಂಥ ಸವಲತ್ತು ಅವರಿಗೆ ದೊರಕಲಿ ಎಂದು ಹಾರೈಸಿದ್ದರು. ಇದೀಗ ಸಿದ್ದರಾಮಯ್ಯ 17ನೇ ಬಜೆಟ್ ಮಂಡಿಸುವ ಮೂಲಕ ದೇಶದಲ್ಲೇ ಅತಿ ಹೆಚ್ಚು ಬಜೆಟ್ ಮಂಡಿಸಿದ ನಾಯಕರ ಸಾಲಿಗೆ ಸೇರಲಿದ್ದಾರೆ.

ಒಟ್ಟು 16 ಬಜೆಟ್‌ಗಳನ್ನು ಮಂಡಿಸಿರುವ ಸಿದ್ದರಾಮಯ್ಯ, ಹಣಕಾಸು ಖಾತೆಯನ್ನು ತಮ್ಮ ಬಳಿಯೇ ಇಟ್ಟುಕೊಂಡಿದ್ದಾರೆ. ಗ್ಯಾರಂಟಿ ಯೋಜನೆಗಳಿಗೆ ಅನುದಾನ ಹೊಂದಿಸುವ ಸವಾಲು ಈ ಬಾರಿಯ ಬಜೆಟ್‌ನಲ್ಲಿದೆ ಎಂದು ವಿಶ್ಲೇಷಕರು ಅಭಿಪ್ರಾಯಪಟ್ಟಿದ್ದಾರೆ.

17ನೇ ಬಜೆಟ್ ಗಾತ್ರ 4 ಲಕ್ಷ ಕೋಟಿ ರೂ. ದಾಟುವ ನಿರೀಕ್ಷೆಯಿದ್ದು, ಕೃಷಿ, ನೀರಾವರಿ ಮತ್ತು ಮೂಲಸೌಕರ್ಯ ಕ್ಷೇತ್ರಗಳಿಗೆ ಆದ್ಯತೆ ಸಿಗಲಿದೆ ಎಂದು ನಿರೀಕ್ಷಿಸಲಾಗಿದೆ. ಅಧಿವೇಶನದ ದಿನಾಂಕ ಶೀಘ್ರದಲ್ಲೇ ಪ್ರಕಟವಾಗಲಿದೆ.

Printed by S.K.CHANDRASHEKAR, published by S.K.CHANDRASHEKAR on behalf of (ownerd ) S.K.CHANDRASHEKAR , 5Th CROSS, NEAR, TOWN POLICE STATION, GOWRIPET, KOLAR-
563101, KARNATAKA. and Printed at ARN printers & Enterprises No.9, Industrial area, Near clock Tower Kolar -563101, KARNATAKA, Editor S.K.CHANDRASHEKAR
